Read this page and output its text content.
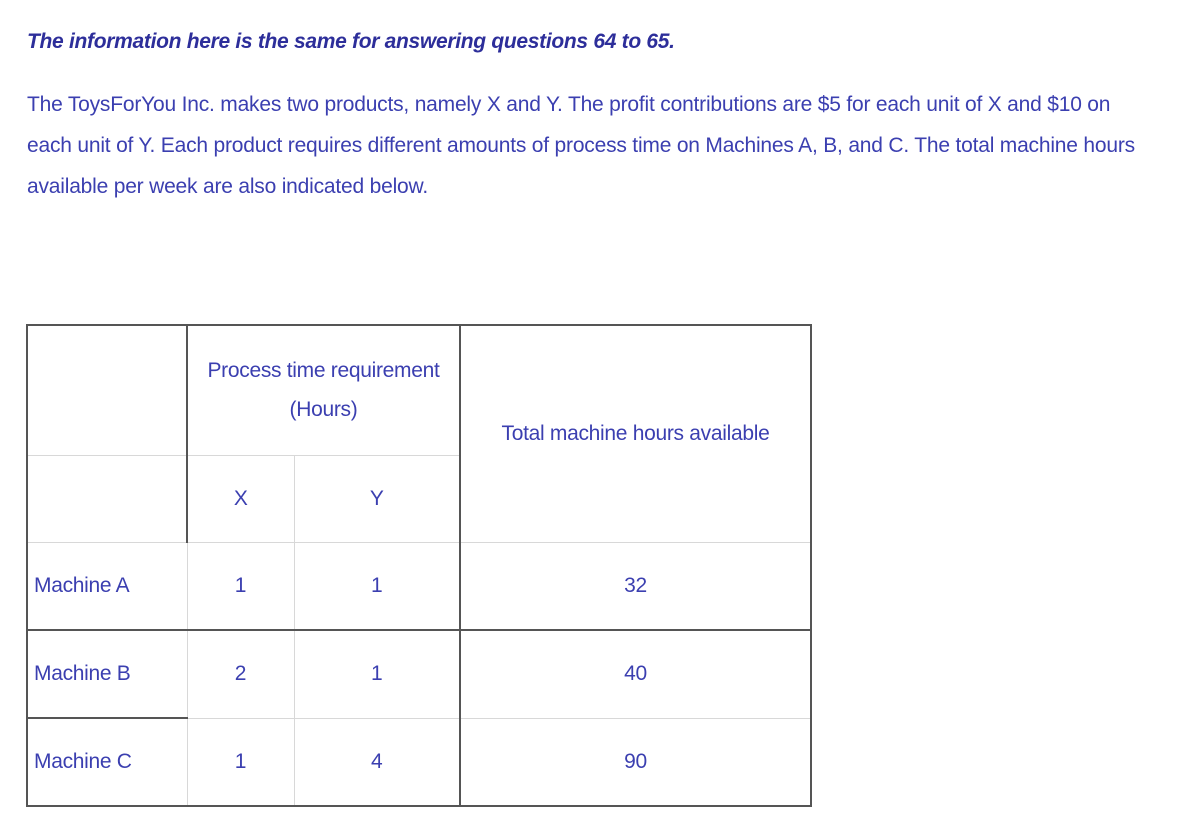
The information here is the same for answering questions 64 to 65.
The ToysForYou Inc. makes two products, namely X and Y. The profit contributions are $5 for each unit of X and $10 on each unit of Y. Each product requires different amounts of process time on Machines A, B, and C. The total machine hours available per week are also indicated below.
	Process time requirement (Hours)		Total machine hours available
	X	Y	
Machine A	1	1	32
Machine B	2	1	40
Machine C	1	4	90
